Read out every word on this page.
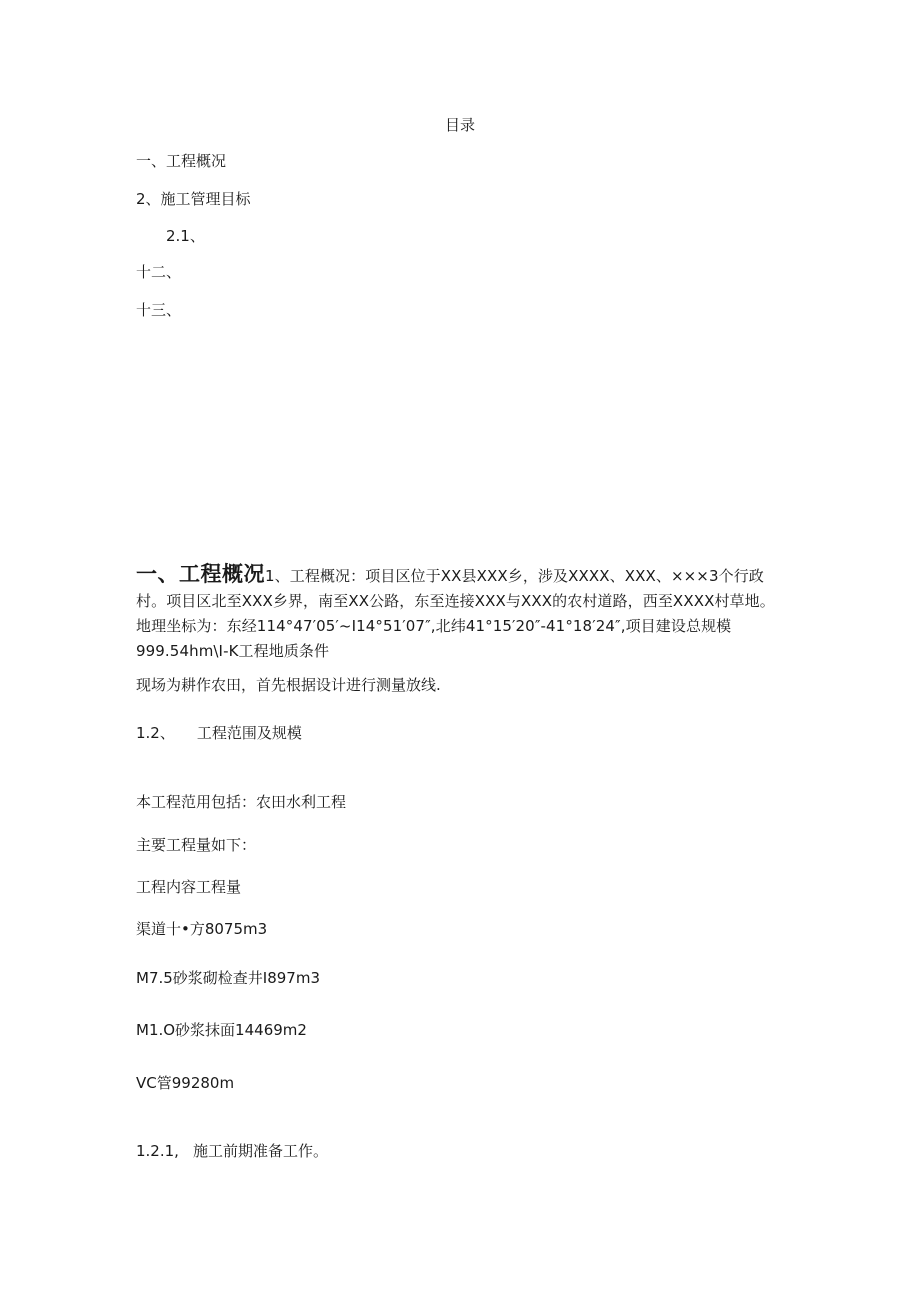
目录
一、工程概况
2、施工管理目标
2.1、
十二、
十三、
一、工程概况1、工程概况：项目区位于XX县XXX乡，涉及XXXX、XXX、×××3个行政村。项目区北至XXX乡界，南至XX公路，东至连接XXX与XXX的农村道路，西至XXXX村草地。地理坐标为：东经114°47′05′~I14°51′07″,北纬41°15′20″-41°18′24″,项目建设总规模999.54hm\I-K工程地质条件
现场为耕作农田，首先根据设计进行测量放线.
1.2、 工程范围及规模
本工程范用包括：农田水利工程
主要工程量如下：
工程内容工程量
渠道十•方8075m3
M7.5砂浆砌检查井I897m3
M1.O砂浆抹面14469m2
VC管99280m
1.2.1, 施工前期准备工作。
